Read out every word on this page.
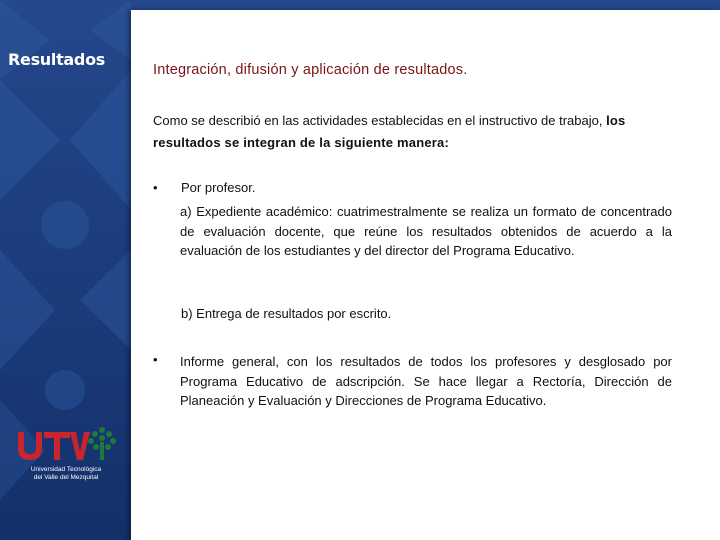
Resultados
Universidad Tecnológica
del Valle del Mezquital
Integración, difusión y aplicación de resultados.

Como se describió en las actividades establecidas en el instructivo de trabajo, los resultados se integran de la siguiente manera:

• Por profesor.

a) Expediente académico: cuatrimestralmente se realiza un formato de concentrado de evaluación docente, que reúne los resultados obtenidos de acuerdo a la evaluación de los estudiantes y del director del Programa Educativo.

b) Entrega de resultados por escrito.

• Informe general, con los resultados de todos los profesores y desglosado por Programa Educativo de adscripción. Se hace llegar a Rectoría, Dirección de Planeación y Evaluación y Direcciones de Programa Educativo.
